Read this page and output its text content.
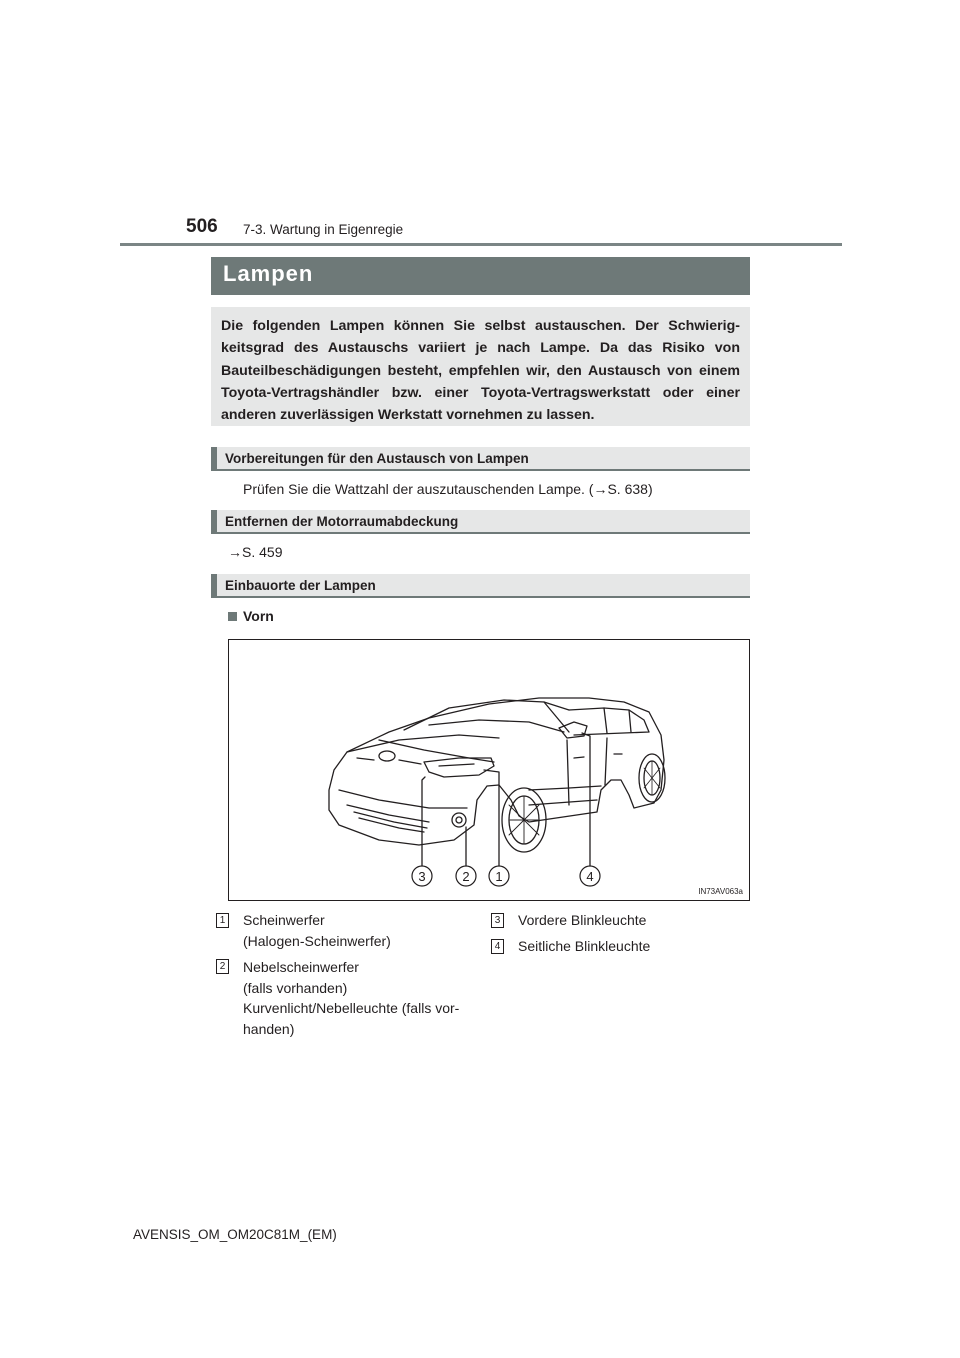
506 7-3. Wartung in Eigenregie
Lampen

Die folgenden Lampen können Sie selbst austauschen. Der Schwierig-keitsgrad des Austauschs variiert je nach Lampe. Da das Risiko von Bauteilbeschädigungen besteht, empfehlen wir, den Austausch von einem Toyota-Vertragshändler bzw. einer Toyota-Vertragswerkstatt oder einer anderen zuverlässigen Werkstatt vornehmen zu lassen.

Vorbereitungen für den Austausch von Lampen
Prüfen Sie die Wattzahl der auszutauschenden Lampe. (→S. 638)
Entfernen der Motorraumabdeckung
→S. 459
Einbauorte der Lampen
Vorn
3	2 1	4
IN73AV063a
1 Scheinwerfer
(Halogen-Scheinwerfer)
2 Nebelscheinwerfer
(falls vorhanden)
Kurvenlicht/Nebelleuchte (falls vor-
handen)
3 Vordere Blinkleuchte
4 Seitliche Blinkleuchte
AVENSIS_OM_OM20C81M_(EM)
